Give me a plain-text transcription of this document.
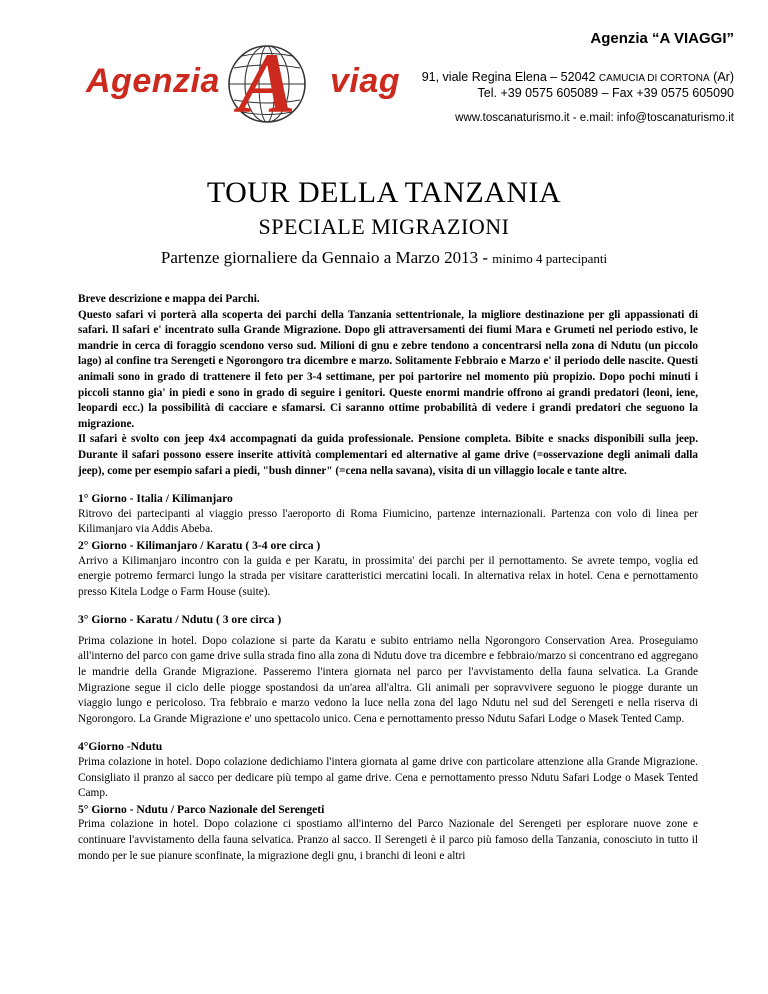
Agenzia A viag
Agenzia “A VIAGGI”
91, viale Regina Elena – 52042 CAMUCIA DI CORTONA (Ar)
Tel. +39 0575 605089 – Fax +39 0575 605090
www.toscanaturismo.it - e.mail: info@toscanaturismo.it
TOUR DELLA TANZANIA
SPECIALE MIGRAZIONI
Partenze giornaliere da Gennaio a Marzo 2013 - minimo 4 partecipanti

Breve descrizione e mappa dei Parchi.

Questo safari vi porterà alla scoperta dei parchi della Tanzania settentrionale, la migliore destinazione per gli appassionati di safari. Il safari e' incentrato sulla Grande Migrazione. Dopo gli attraversamenti dei fiumi Mara e Grumeti nel periodo estivo, le mandrie in cerca di foraggio scendono verso sud. Milioni di gnu e zebre tendono a concentrarsi nella zona di Ndutu (un piccolo lago) al confine tra Serengeti e Ngorongoro tra dicembre e marzo. Solitamente Febbraio e Marzo e' il periodo delle nascite. Questi animali sono in grado di trattenere il feto per 3-4 settimane, per poi partorire nel momento più propizio. Dopo pochi minuti i piccoli stanno gia' in piedi e sono in grado di seguire i genitori. Queste enormi mandrie offrono ai grandi predatori (leoni, iene, leopardi ecc.) la possibilità di cacciare e sfamarsi. Ci saranno ottime probabilità di vedere i grandi predatori che seguono la migrazione.

Il safari è svolto con jeep 4x4 accompagnati da guida professionale. Pensione completa. Bibite e snacks disponibili sulla jeep. Durante il safari possono essere inserite attività complementari ed alternative al game drive (=osservazione degli animali dalla jeep), come per esempio safari a piedi, "bush dinner" (=cena nella savana), visita di un villaggio locale e tante altre.

1° Giorno - Italia / Kilimanjaro

Ritrovo dei partecipanti al viaggio presso l'aeroporto di Roma Fiumicino, partenze internazionali. Partenza con volo di linea per Kilimanjaro via Addis Abeba.

2° Giorno - Kilimanjaro / Karatu ( 3-4 ore circa )

Arrivo a Kilimanjaro incontro con la guida e per Karatu, in prossimita' dei parchi per il pernottamento. Se avrete tempo, voglia ed energie potremo fermarci lungo la strada per visitare caratteristici mercatini locali. In alternativa relax in hotel. Cena e pernottamento presso Kitela Lodge o Farm House (suite).

3° Giorno - Karatu / Ndutu ( 3 ore circa )

Prima colazione in hotel. Dopo colazione si parte da Karatu e subito entriamo nella Ngorongoro Conservation Area. Proseguiamo all'interno del parco con game drive sulla strada fino alla zona di Ndutu dove tra dicembre e febbraio/marzo si concentrano ed aggregano le mandrie della Grande Migrazione. Passeremo l'intera giornata nel parco per l'avvistamento della fauna selvatica. La Grande Migrazione segue il ciclo delle piogge spostandosi da un'area all'altra. Gli animali per sopravvivere seguono le piogge durante un viaggio lungo e pericoloso. Tra febbraio e marzo vedono la luce nella zona del lago Ndutu nel sud del Serengeti e nella riserva di Ngorongoro. La Grande Migrazione e' uno spettacolo unico. Cena e pernottamento presso Ndutu Safari Lodge o Masek Tented Camp.

4°Giorno -Ndutu

Prima colazione in hotel. Dopo colazione dedichiamo l'intera giornata al game drive con particolare attenzione alla Grande Migrazione. Consigliato il pranzo al sacco per dedicare più tempo al game drive. Cena e pernottamento presso Ndutu Safari Lodge o Masek Tented Camp.

5° Giorno - Ndutu / Parco Nazionale del Serengeti

Prima colazione in hotel. Dopo colazione ci spostiamo all'interno del Parco Nazionale del Serengeti per esplorare nuove zone e continuare l'avvistamento della fauna selvatica. Pranzo al sacco. Il Serengeti è il parco più famoso della Tanzania, conosciuto in tutto il mondo per le sue pianure sconfinate, la migrazione degli gnu, i branchi di leoni e altri
